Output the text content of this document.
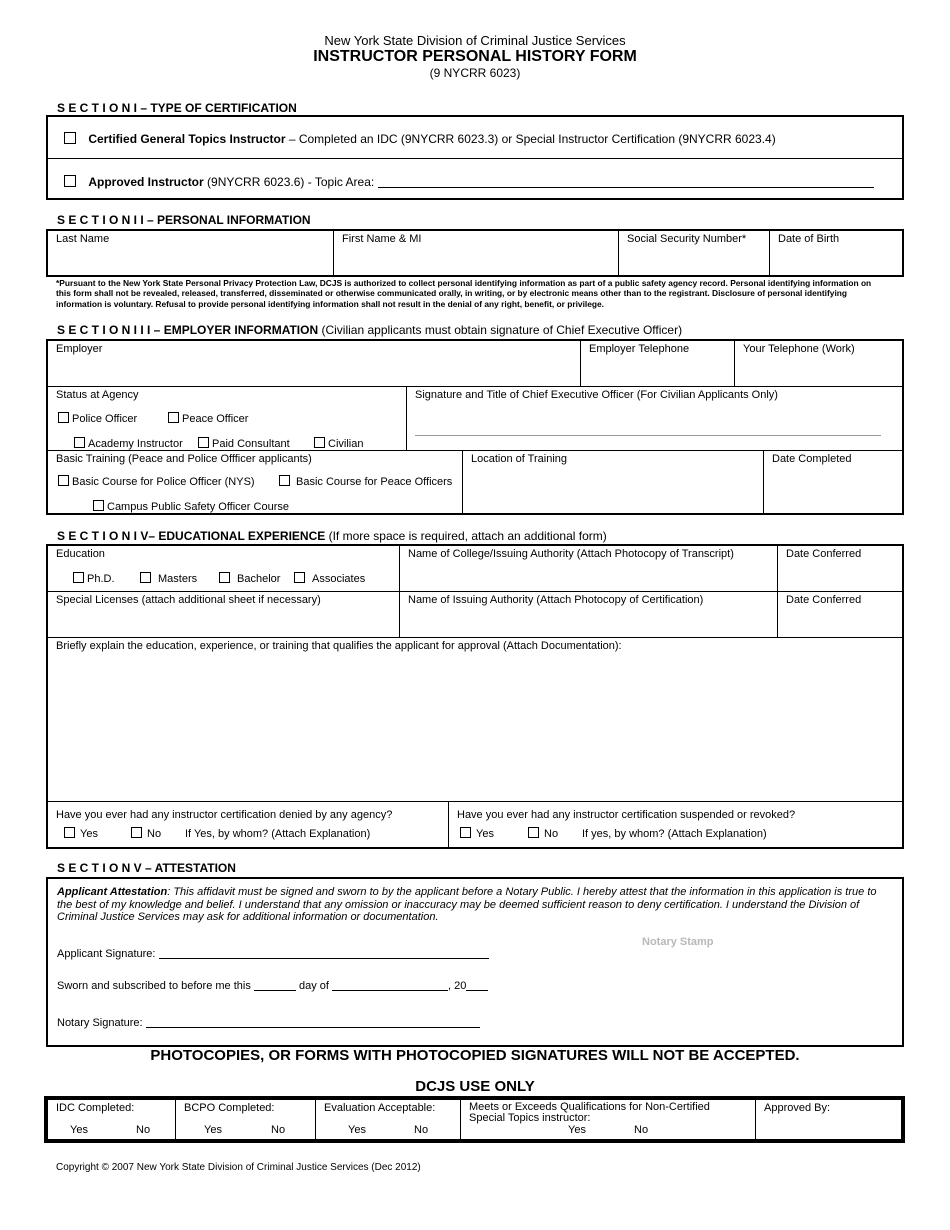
New York State Division of Criminal Justice Services
INSTRUCTOR PERSONAL HISTORY FORM
(9 NYCRR 6023)
S E C T I O N I – TYPE OF CERTIFICATION
Certified General Topics Instructor – Completed an IDC (9NYCRR 6023.3) or Special Instructor Certification (9NYCRR 6023.4)
Approved Instructor (9NYCRR 6023.6) - Topic Area:
S E C T I O N I I – PERSONAL INFORMATION
Last Name	First Name & MI	Social Security Number*	Date of Birth
*Pursuant to the New York State Personal Privacy Protection Law, DCJS is authorized to collect personal identifying information as part of a public safety agency record. Personal identifying information on this form shall not be revealed, released, transferred, disseminated or otherwise communicated orally, in writing, or by electronic means other than to the registrant. Disclosure of personal identifying information is voluntary. Refusal to provide personal identifying information shall not result in the denial of any right, benefit, or privilege.
S E C T I O N I I I – EMPLOYER INFORMATION (Civilian applicants must obtain signature of Chief Executive Officer)
Employer	Employer Telephone	Your Telephone (Work)
Status at Agency
Police Officer	Peace Officer
Academy Instructor	Paid Consultant	Civilian
Signature and Title of Chief Executive Officer (For Civilian Applicants Only)
Basic Training (Peace and Police Offficer applicants)
Basic Course for Police Officer (NYS)	Basic Course for Peace Officers
Campus Public Safety Officer Course
Location of Training	Date Completed
S E C T I O N I V– EDUCATIONAL EXPERIENCE (If more space is required, attach an additional form)
Education
Ph.D.	Masters	Bachelor	Associates
Name of College/Issuing Authority (Attach Photocopy of Transcript)	Date Conferred
Special Licenses (attach additional sheet if necessary)	Name of Issuing Authority (Attach Photocopy of Certification)	Date Conferred
Briefly explain the education, experience, or training that qualifies the applicant for approval (Attach Documentation):
Have you ever had any instructor certification denied by any agency?
Yes	No If Yes, by whom? (Attach Explanation)
Have you ever had any instructor certification suspended or revoked?
Yes	No If yes, by whom? (Attach Explanation)
S E C T I O N V – ATTESTATION
Applicant Attestation: This affidavit must be signed and sworn to by the applicant before a Notary Public. I hereby attest that the information in this application is true to the best of my knowledge and belief. I understand that any omission or inaccuracy may be deemed sufficient reason to deny certification. I understand the Division of Criminal Justice Services may ask for additional information or documentation.
Notary Stamp
Applicant Signature:
Sworn and subscribed to before me this	day of	, 20
Notary Signature:
PHOTOCOPIES, OR FORMS WITH PHOTOCOPIED SIGNATURES WILL NOT BE ACCEPTED.
DCJS USE ONLY
IDC Completed:
Yes	No
BCPO Completed:
Yes	No
Evaluation Acceptable:
Yes	No
Meets or Exceeds Qualifications for Non-Certified Special Topics instructor:
Yes	No
Approved By:
Copyright © 2007 New York State Division of Criminal Justice Services (Dec 2012)
